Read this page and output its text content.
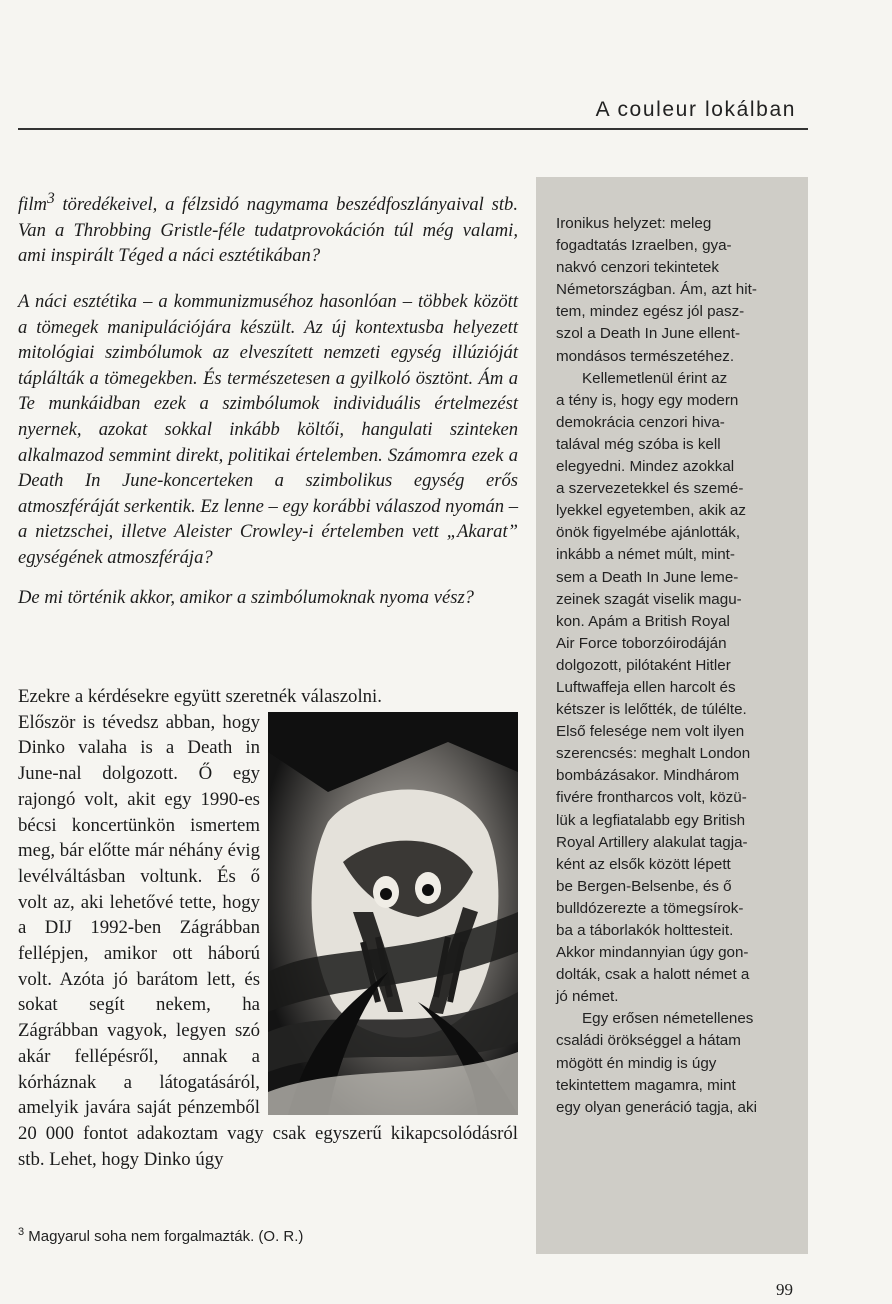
A couleur lokálban

film$^3$ töredékeivel, a félzsidó nagymama beszédfoszlányaival stb. Van a Throbbing Gristle-féle tudatprovokáción túl még valami, ami inspirált Téged a náci esztétikában?

A náci esztétika – a kommunizmuséhoz hasonlóan – többek között a tömegek manipulációjára készült. Az új kontextusba helyezett mitológiai szimbólumok az elveszített nemzeti egység illúzióját táplálták a tömegekben. És természetesen a gyilkoló ösztönt. Ám a Te munkáidban ezek a szimbólumok individuális értelmezést nyernek, azokat sokkal inkább költői, hangulati szinteken alkalmazod semmint direkt, politikai értelemben. Számomra ezek a Death In June-koncerteken a szimbolikus egység erős atmoszféráját serkentik. Ez lenne – egy korábbi válaszod nyomán – a nietzschei, illetve Aleister Crowley-i értelemben vett „Akarat” egységének atmoszférája?

De mi történik akkor, amikor a szimbólumoknak nyoma vész?

Ezekre a kérdésekre együtt szeretnék válaszolni.

Először is tévedsz abban, hogy Dinko valaha is a Death in June-nal dolgozott. Ő egy rajongó volt, akit egy 1990-es bécsi koncertünkön ismertem meg, bár előtte már néhány évig levélváltásban voltunk. És ő volt az, aki lehetővé tette, hogy a DIJ 1992-ben Zágrábban fellépjen, amikor ott háború volt. Azóta jó barátom lett, és sokat segít nekem, ha Zágrábban vagyok, legyen szó akár fellépésről, annak a kórháznak a látogatásáról, amelyik javára saját pénzemből 20 000 fontot adakoztam vagy csak egyszerű kikapcsolódásról stb. Lehet, hogy Dinko úgy

$^3$ Magyarul soha nem forgalmazták. (O. R.)

Ironikus helyzet: meleg
fogadtatás Izraelben, gya-
nakvó cenzori tekintetek
Németországban. Ám, azt hit-
tem, mindez egész jól pasz-
szol a Death In June ellent-
mondásos természetéhez.

Kellemetlenül érint az
a tény is, hogy egy modern
demokrácia cenzori hiva-
talával még szóba is kell
elegyedni. Mindez azokkal
a szervezetekkel és szemé-
lyekkel egyetemben, akik az
önök figyelmébe ajánlották,
inkább a német múlt, mint-
sem a Death In June leme-
zeinek szagát viselik magu-
kon. Apám a British Royal
Air Force toborzóirodáján
dolgozott, pilótaként Hitler
Luftwaffeja ellen harcolt és
kétszer is lelőtték, de túlélte.
Első felesége nem volt ilyen
szerencsés: meghalt London
bombázásakor. Mindhárom
fivére frontharcos volt, közü-
lük a legfiatalabb egy British
Royal Artillery alakulat tagja-
ként az elsők között lépett
be Bergen-Belsenbe, és ő
bulldózerezte a tömegsírok-
ba a táborlakók holttesteit.
Akkor mindannyian úgy gon-
dolták, csak a halott német a
jó német.

Egy erősen németellenes
családi örökséggel a hátam
mögött én mindig is úgy
tekintettem magamra, mint
egy olyan generáció tagja, aki

99
